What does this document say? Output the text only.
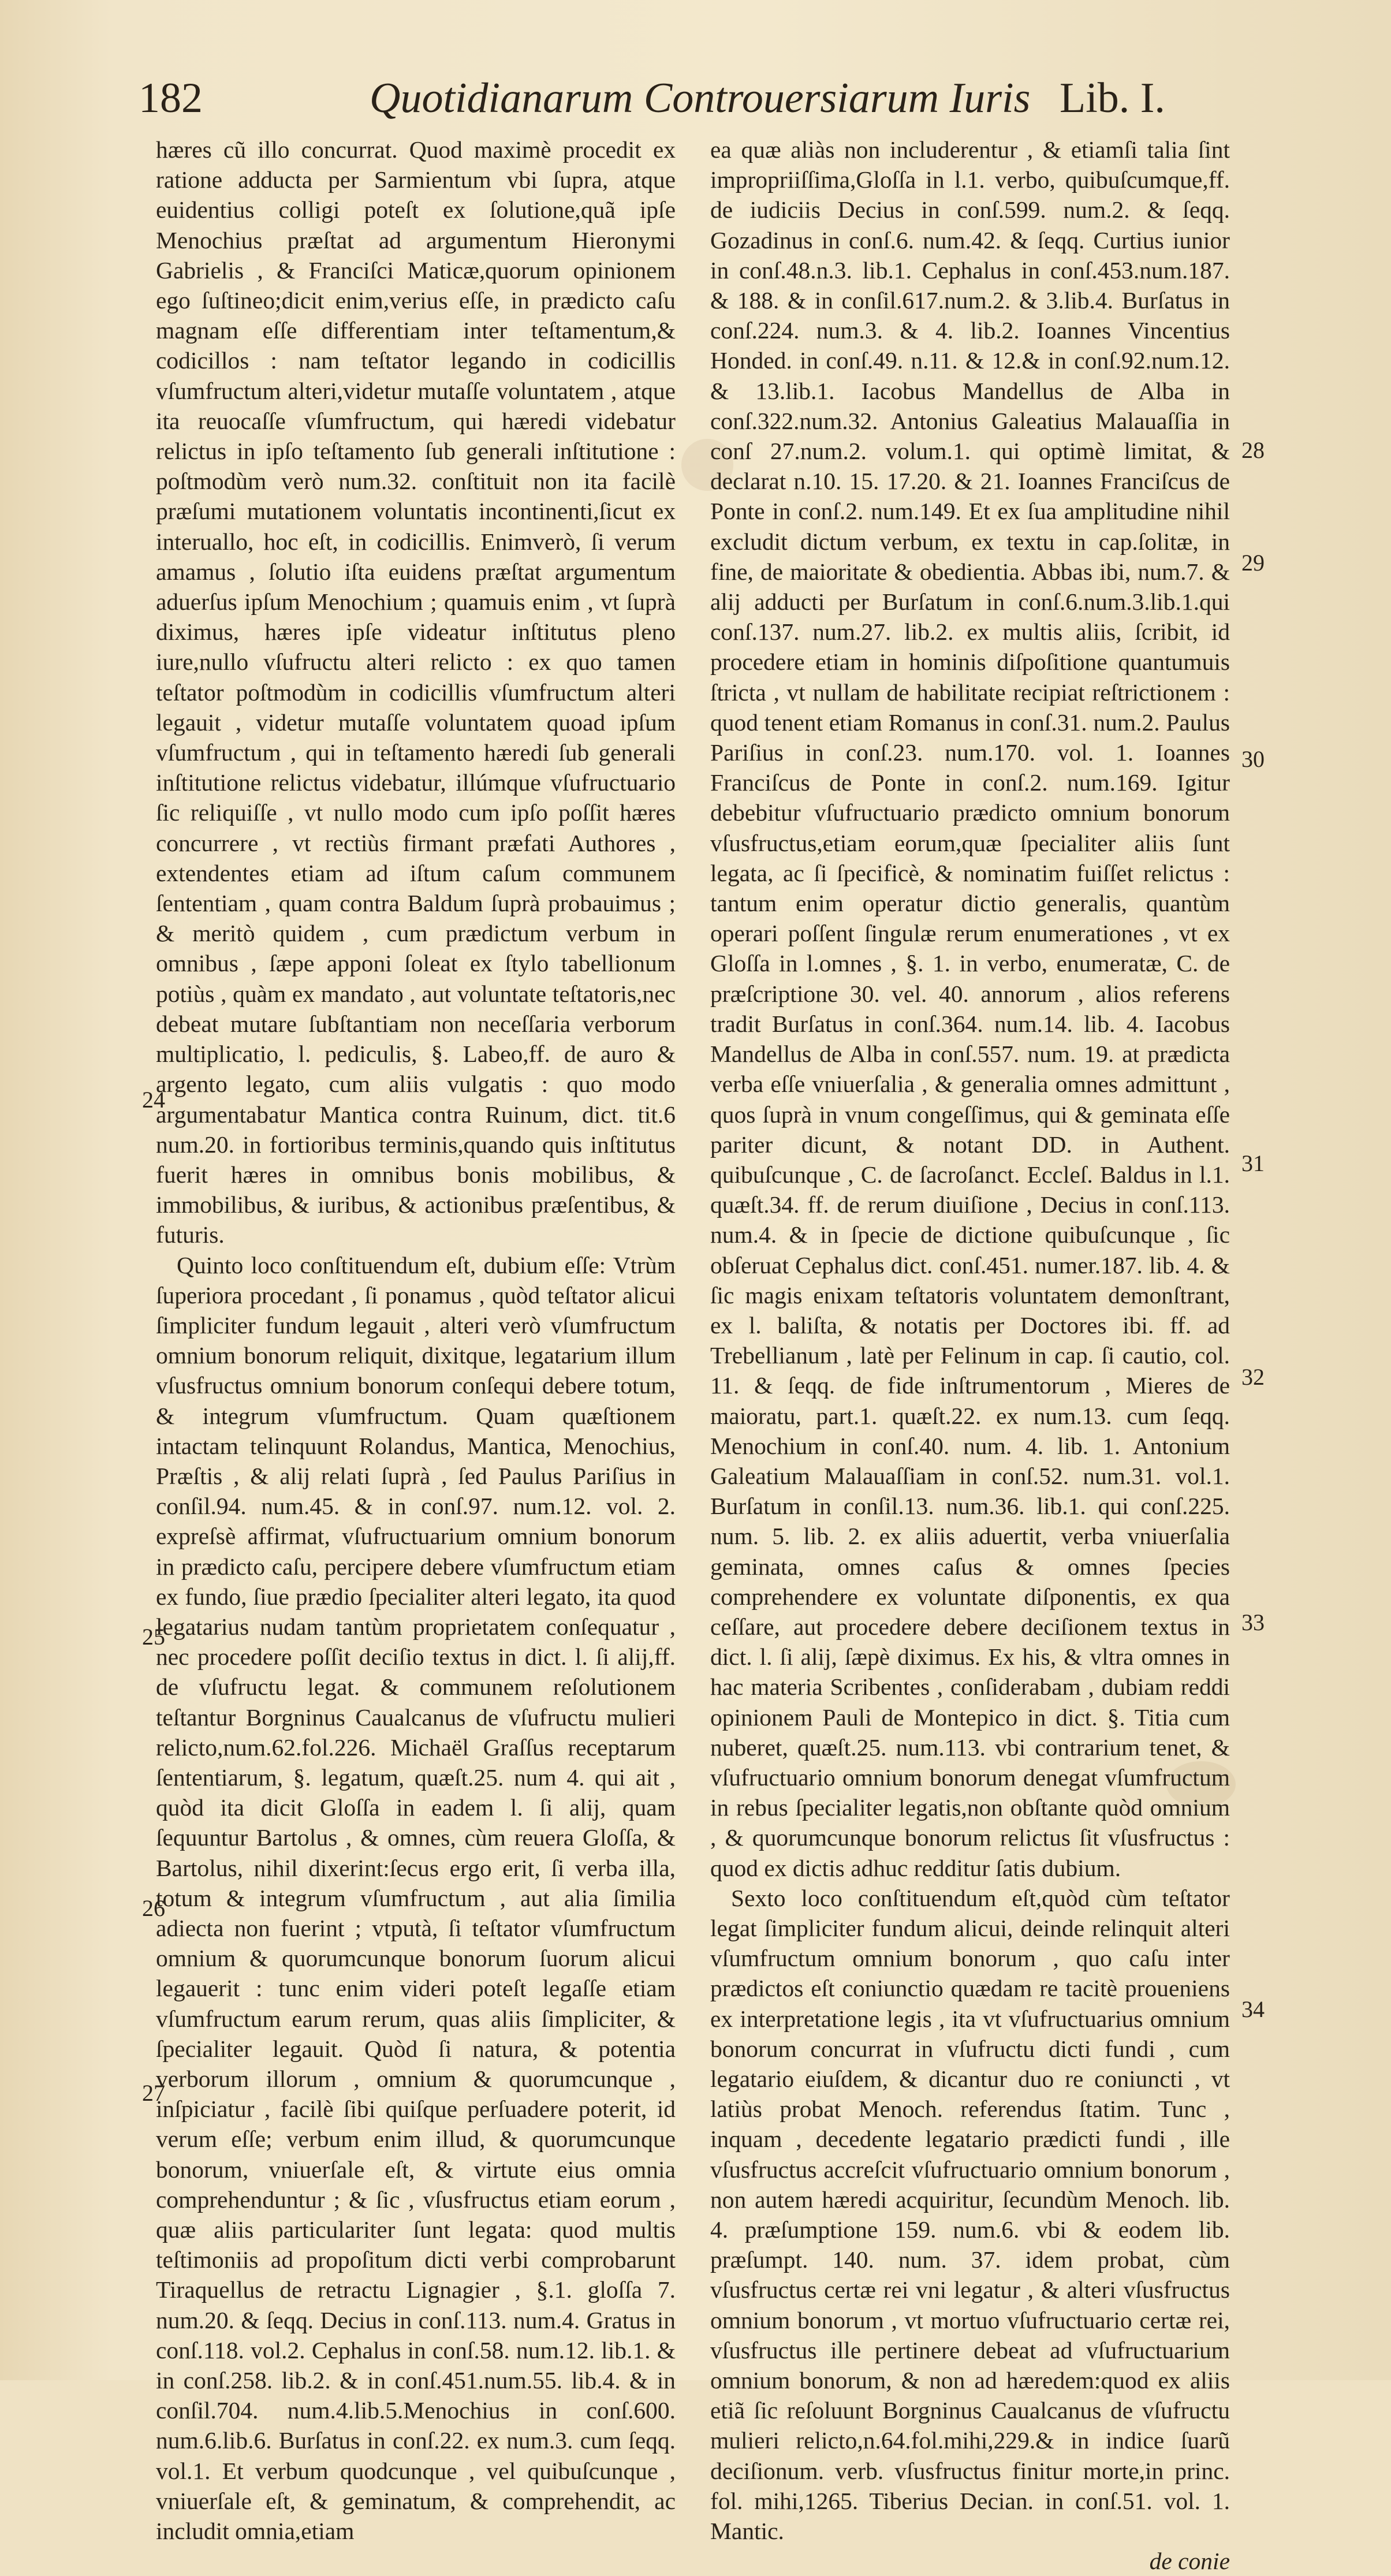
182	Quotidianarum Controuersiarum Iuris Lib. I.

hæres cũ illo concurrat. Quod maximè procedit ex ratione adducta per Sarmientum vbi ſupra, atque euidentius colligi poteſt ex ſolutione,quã ipſe Menochius præſtat ad argumentum Hieronymi Gabrielis , & Franciſci Maticæ,quorum opinionem ego ſuſtineo;dicit enim,verius eſſe, in prædicto caſu magnam eſſe differentiam inter teſtamentum,& codicillos : nam teſtator legando in codicillis vſumfructum alteri,videtur mutaſſe voluntatem , atque ita reuocaſſe vſumfructum, qui hæredi videbatur relictus in ipſo teſtamento ſub generali inſtitutione : poſtmodùm verò num.32. conſtituit non ita facilè præſumi mutationem voluntatis incontinenti,ſicut ex interuallo, hoc eſt, in codicillis. Enimverò, ſi verum amamus , ſolutio iſta euidens præſtat argumentum aduerſus ipſum Menochium ; quamuis enim , vt ſuprà diximus, hæres ipſe videatur inſtitutus pleno iure,nullo vſufructu alteri relicto : ex quo tamen teſtator poſtmodùm in codicillis vſumfructum alteri legauit , videtur mutaſſe voluntatem quoad ipſum vſumfructum , qui in teſtamento hæredi ſub generali inſtitutione relictus videbatur, illúmque vſufructuario ſic reliquiſſe , vt nullo modo cum ipſo poſſit hæres concurrere , vt rectiùs firmant præfati Authores , extendentes etiam ad iſtum caſum communem ſententiam , quam contra Baldum ſuprà probauimus ; & meritò quidem , cum prædictum verbum in omnibus , ſæpe apponi ſoleat ex ſtylo tabellionum potiùs , quàm ex mandato , aut voluntate teſtatoris,nec debeat mutare ſubſtantiam non neceſſaria verborum multiplicatio, l. pediculis, §. Labeo,ff. de auro & argento legato, cum aliis vulgatis : quo modo argumentabatur Mantica contra Ruinum, dict. tit.6 num.20. in fortioribus terminis,quando quis inſtitutus fuerit hæres in omnibus bonis mobilibus, & immobilibus, & iuribus, & actionibus præſentibus, & futuris.

Quinto loco conſtituendum eſt, dubium eſſe: Vtrùm ſuperiora procedant , ſi ponamus , quòd teſtator alicui ſimpliciter fundum legauit , alteri verò vſumfructum omnium bonorum reliquit, dixitque, legatarium illum vſusfructus omnium bonorum conſequi debere totum, & integrum vſumfructum. Quam quæſtionem intactam telinquunt Rolandus, Mantica, Menochius, Præſtis , & alij relati ſuprà , ſed Paulus Pariſius in conſil.94. num.45. & in conſ.97. num.12. vol. 2. expreſsè affirmat, vſufructuarium omnium bonorum in prædicto caſu, percipere debere vſumfructum etiam ex fundo, ſiue prædio ſpecialiter alteri legato, ita quod legatarius nudam tantùm proprietatem conſequatur , nec procedere poſſit deciſio textus in dict. l. ſi alij,ff. de vſufructu legat. & communem reſolutionem teſtantur Borgninus Caualcanus de vſufructu mulieri relicto,num.62.fol.226. Michaël Graſſus receptarum ſententiarum, §. legatum, quæſt.25. num 4. qui ait , quòd ita dicit Gloſſa in eadem l. ſi alij, quam ſequuntur Bartolus , & omnes, cùm reuera Gloſſa, & Bartolus, nihil dixerint:ſecus ergo erit, ſi verba illa, totum & integrum vſumfructum , aut alia ſimilia adiecta non fuerint ; vtputà, ſi teſtator vſumfructum omnium & quorumcunque bonorum ſuorum alicui legauerit : tunc enim videri poteſt legaſſe etiam vſumfructum earum rerum, quas aliis ſimpliciter, & ſpecialiter legauit. Quòd ſi natura, & potentia verborum illorum , omnium & quorumcunque , inſpiciatur , facilè ſibi quiſque perſuadere poterit, id verum eſſe; verbum enim illud, & quorumcunque bonorum, vniuerſale eſt, & virtute eius omnia comprehenduntur ; & ſic , vſusfructus etiam eorum , quæ aliis particulariter ſunt legata: quod multis teſtimoniis ad propoſitum dicti verbi comprobarunt Tiraquellus de retractu Lignagier , §.1. gloſſa 7. num.20. & ſeqq. Decius in conſ.113. num.4. Gratus in conſ.118. vol.2. Cephalus in conſ.58. num.12. lib.1. & in conſ.258. lib.2. & in conſ.451.num.55. lib.4. & in conſil.704. num.4.lib.5.Menochius in conſ.600. num.6.lib.6. Burſatus in conſ.22. ex num.3. cum ſeqq. vol.1. Et verbum quodcunque , vel quibuſcunque , vniuerſale eſt, & geminatum, & comprehendit, ac includit omnia,etiam

ea quæ aliàs non includerentur , & etiamſi talia ſint impropriiſſima,Gloſſa in l.1. verbo, quibuſcumque,ff. de iudiciis Decius in conſ.599. num.2. & ſeqq. Gozadinus in conſ.6. num.42. & ſeqq. Curtius iunior in conſ.48.n.3. lib.1. Cephalus in conſ.453.num.187. & 188. & in conſil.617.num.2. & 3.lib.4. Burſatus in conſ.224. num.3. & 4. lib.2. Ioannes Vincentius Honded. in conſ.49. n.11. & 12.& in conſ.92.num.12. & 13.lib.1. Iacobus Mandellus de Alba in conſ.322.num.32. Antonius Galeatius Malauaſſia in conſ 27.num.2. volum.1. qui optimè limitat, & declarat n.10. 15. 17.20. & 21. Ioannes Franciſcus de Ponte in conſ.2. num.149. Et ex ſua amplitudine nihil excludit dictum verbum, ex textu in cap.ſolitæ, in fine, de maioritate & obedientia. Abbas ibi, num.7. & alij adducti per Burſatum in conſ.6.num.3.lib.1.qui conſ.137. num.27. lib.2. ex multis aliis, ſcribit, id procedere etiam in hominis diſpoſitione quantumuis ſtricta , vt nullam de habilitate recipiat reſtrictionem : quod tenent etiam Romanus in conſ.31. num.2. Paulus Pariſius in conſ.23. num.170. vol. 1. Ioannes Franciſcus de Ponte in conſ.2. num.169. Igitur debebitur vſufructuario prædicto omnium bonorum vſusfructus,etiam eorum,quæ ſpecialiter aliis ſunt legata, ac ſi ſpecificè, & nominatim fuiſſet relictus : tantum enim operatur dictio generalis, quantùm operari poſſent ſingulæ rerum enumerationes , vt ex Gloſſa in l.omnes , §. 1. in verbo, enumeratæ, C. de præſcriptione 30. vel. 40. annorum , alios referens tradit Burſatus in conſ.364. num.14. lib. 4. Iacobus Mandellus de Alba in conſ.557. num. 19. at prædicta verba eſſe vniuerſalia , & generalia omnes admittunt , quos ſuprà in vnum congeſſimus, qui & geminata eſſe pariter dicunt, & notant DD. in Authent. quibuſcunque , C. de ſacroſanct. Eccleſ. Baldus in l.1. quæſt.34. ff. de rerum diuiſione , Decius in conſ.113. num.4. & in ſpecie de dictione quibuſcunque , ſic obſeruat Cephalus dict. conſ.451. numer.187. lib. 4. & ſic magis enixam teſtatoris voluntatem demonſtrant, ex l. baliſta, & notatis per Doctores ibi. ff. ad Trebellianum , latè per Felinum in cap. ſi cautio, col. 11. & ſeqq. de fide inſtrumentorum , Mieres de maioratu, part.1. quæſt.22. ex num.13. cum ſeqq. Menochium in conſ.40. num. 4. lib. 1. Antonium Galeatium Malauaſſiam in conſ.52. num.31. vol.1. Burſatum in conſil.13. num.36. lib.1. qui conſ.225. num. 5. lib. 2. ex aliis aduertit, verba vniuerſalia geminata, omnes caſus & omnes ſpecies comprehendere ex voluntate diſponentis, ex qua ceſſare, aut procedere debere deciſionem textus in dict. l. ſi alij, ſæpè diximus. Ex his, & vltra omnes in hac materia Scribentes , conſiderabam , dubiam reddi opinionem Pauli de Montepico in dict. §. Titia cum nuberet, quæſt.25. num.113. vbi contrarium tenet, & vſufructuario omnium bonorum denegat vſumfructum in rebus ſpecialiter legatis,non obſtante quòd omnium , & quorumcunque bonorum relictus ſit vſusfructus : quod ex dictis adhuc redditur ſatis dubium.

Sexto loco conſtituendum eſt,quòd cùm teſtator legat ſimpliciter fundum alicui, deinde relinquit alteri vſumfructum omnium bonorum , quo caſu inter prædictos eſt coniunctio quædam re tacitè proueniens ex interpretatione legis , ita vt vſufructuarius omnium bonorum concurrat in vſufructu dicti fundi , cum legatario eiuſdem, & dicantur duo re coniuncti , vt latiùs probat Menoch. referendus ſtatim. Tunc , inquam , decedente legatario prædicti fundi , ille vſusfructus accreſcit vſufructuario omnium bonorum , non autem hæredi acquiritur, ſecundùm Menoch. lib. 4. præſumptione 159. num.6. vbi & eodem lib. præſumpt. 140. num. 37. idem probat, cùm vſusfructus certæ rei vni legatur , & alteri vſusfructus omnium bonorum , vt mortuo vſufructuario certæ rei, vſusfructus ille pertinere debeat ad vſufructuarium omnium bonorum, & non ad hæredem:quod ex aliis etiã ſic reſoluunt Borgninus Caualcanus de vſufructu mulieri relicto,n.64.fol.mihi,229.& in indice ſuarũ deciſionum. verb. vſusfructus finitur morte,in princ. fol. mihi,1265. Tiberius Decian. in conſ.51. vol. 1. Mantic.

de conie

24
25
26
27
28
29
30
31
32
33
34
